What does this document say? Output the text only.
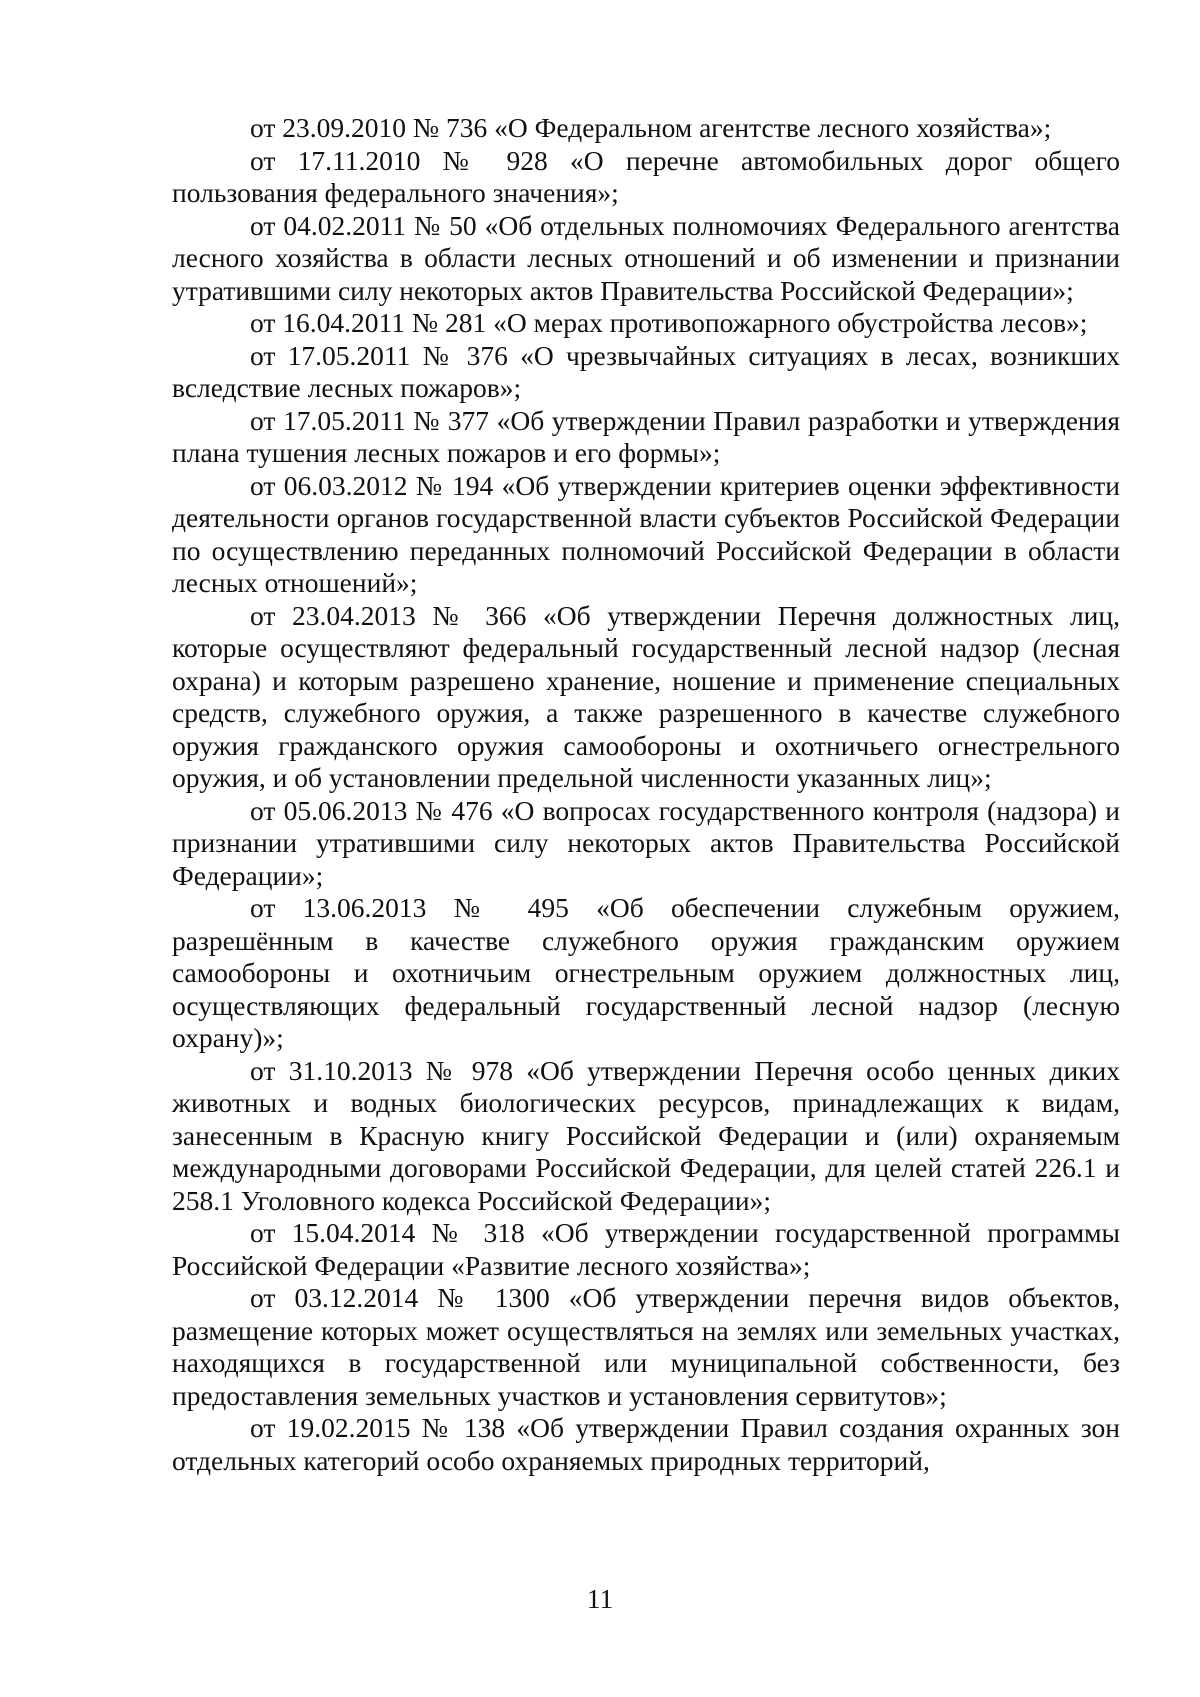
от 23.09.2010 № 736 «О Федеральном агентстве лесного хозяйства»;

от 17.11.2010 № 928 «О перечне автомобильных дорог общего пользования федерального значения»;

от 04.02.2011 № 50 «Об отдельных полномочиях Федерального агентства лесного хозяйства в области лесных отношений и об изменении и признании утратившими силу некоторых актов Правительства Российской Федерации»;

от 16.04.2011 № 281 «О мерах противопожарного обустройства лесов»;

от 17.05.2011 № 376 «О чрезвычайных ситуациях в лесах, возникших вследствие лесных пожаров»;

от 17.05.2011 № 377 «Об утверждении Правил разработки и утверждения плана тушения лесных пожаров и его формы»;

от 06.03.2012 № 194 «Об утверждении критериев оценки эффективности деятельности органов государственной власти субъектов Российской Федерации по осуществлению переданных полномочий Российской Федерации в области лесных отношений»;

от 23.04.2013 № 366 «Об утверждении Перечня должностных лиц, которые осуществляют федеральный государственный лесной надзор (лесная охрана) и которым разрешено хранение, ношение и применение специальных средств, служебного оружия, а также разрешенного в качестве служебного оружия гражданского оружия самообороны и охотничьего огнестрельного оружия, и об установлении предельной численности указанных лиц»;

от 05.06.2013 № 476 «О вопросах государственного контроля (надзора) и признании утратившими силу некоторых актов Правительства Российской Федерации»;

от 13.06.2013 № 495 «Об обеспечении служебным оружием, разрешённым в качестве служебного оружия гражданским оружием самообороны и охотничьим огнестрельным оружием должностных лиц, осуществляющих федеральный государственный лесной надзор (лесную охрану)»;

от 31.10.2013 № 978 «Об утверждении Перечня особо ценных диких животных и водных биологических ресурсов, принадлежащих к видам, занесенным в Красную книгу Российской Федерации и (или) охраняемым международными договорами Российской Федерации, для целей статей 226.1 и 258.1 Уголовного кодекса Российской Федерации»;

от 15.04.2014 № 318 «Об утверждении государственной программы Российской Федерации «Развитие лесного хозяйства»;

от 03.12.2014 № 1300 «Об утверждении перечня видов объектов, размещение которых может осуществляться на землях или земельных участках, находящихся в государственной или муниципальной собственности, без предоставления земельных участков и установления сервитутов»;

от 19.02.2015 № 138 «Об утверждении Правил создания охранных зон отдельных категорий особо охраняемых природных территорий,

11
